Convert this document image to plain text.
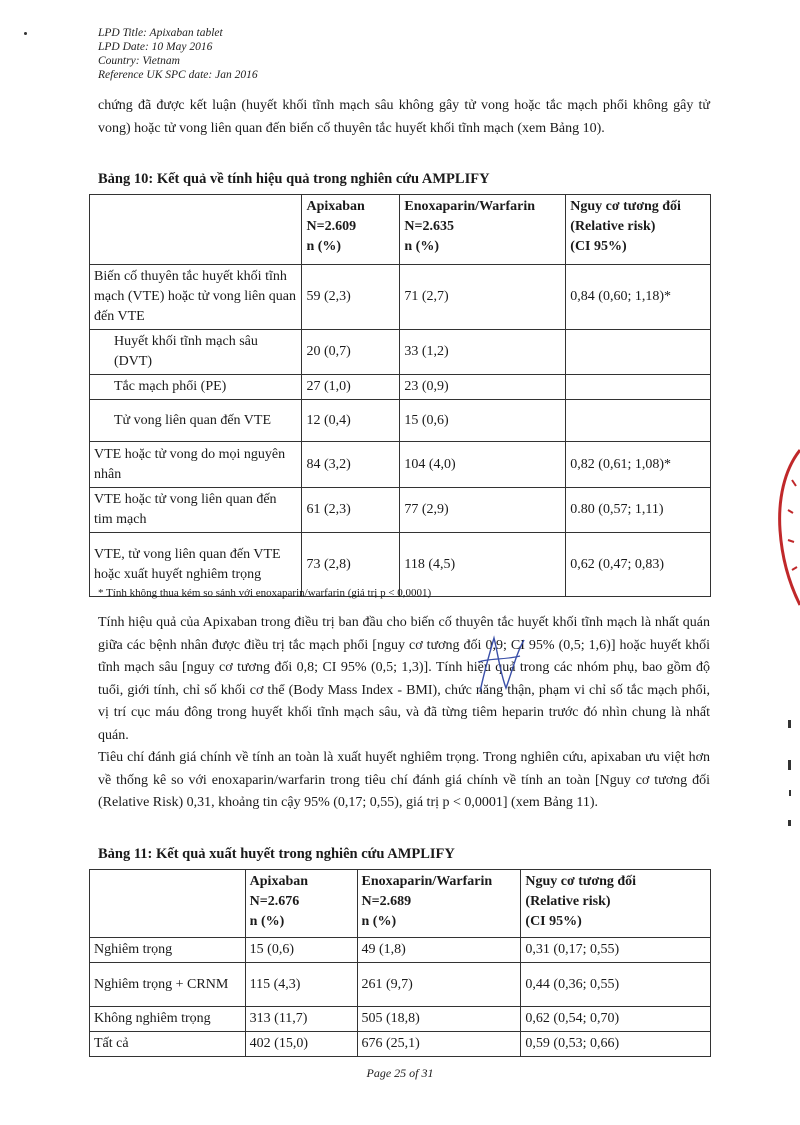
LPD Title: Apixaban tablet
LPD Date: 10 May 2016
Country: Vietnam
Reference UK SPC date: Jan 2016
chứng đã được kết luận (huyết khối tĩnh mạch sâu không gây tử vong hoặc tắc mạch phổi không gây tử vong) hoặc tử vong liên quan đến biến cố thuyên tắc huyết khối tĩnh mạch (xem Bảng 10).
Bảng 10: Kết quả về tính hiệu quả trong nghiên cứu AMPLIFY
	Apixaban
N=2.609
n (%)	Enoxaparin/Warfarin
N=2.635
n (%)	Nguy cơ tương đối
(Relative risk)
(CI 95%)
Biến cố thuyên tắc huyết khối tĩnh mạch (VTE) hoặc tử vong liên quan đến VTE	59 (2,3)	71 (2,7)	0,84 (0,60; 1,18)*
Huyết khối tĩnh mạch sâu (DVT)	20 (0,7)	33 (1,2)	
Tắc mạch phổi (PE)	27 (1,0)	23 (0,9)	
Tử vong liên quan đến VTE	12 (0,4)	15 (0,6)	
VTE hoặc tử vong do mọi nguyên nhân	84 (3,2)	104 (4,0)	0,82 (0,61; 1,08)*
VTE hoặc tử vong liên quan đến tim mạch	61 (2,3)	77 (2,9)	0.80 (0,57; 1,11)
VTE, tử vong liên quan đến VTE hoặc xuất huyết nghiêm trọng	73 (2,8)	118 (4,5)	0,62 (0,47; 0,83)
* Tính không thua kém so sánh với enoxaparin/warfarin (giá trị p < 0,0001)
Tính hiệu quả của Apixaban trong điều trị ban đầu cho biến cố thuyên tắc huyết khối tĩnh mạch là nhất quán giữa các bệnh nhân được điều trị tắc mạch phổi [nguy cơ tương đối 0,9; CI 95% (0,5; 1,6)] hoặc huyết khối tĩnh mạch sâu [nguy cơ tương đối 0,8; CI 95% (0,5; 1,3)]. Tính hiệu quả trong các nhóm phụ, bao gồm độ tuổi, giới tính, chỉ số khối cơ thể (Body Mass Index - BMI), chức năng thận, phạm vi chỉ số tắc mạch phổi, vị trí cục máu đông trong huyết khối tĩnh mạch sâu, và đã từng tiêm heparin trước đó nhìn chung là nhất quán.
Tiêu chí đánh giá chính về tính an toàn là xuất huyết nghiêm trọng. Trong nghiên cứu, apixaban ưu việt hơn về thống kê so với enoxaparin/warfarin trong tiêu chí đánh giá chính về tính an toàn [Nguy cơ tương đối (Relative Risk) 0,31, khoảng tin cậy 95% (0,17; 0,55), giá trị p < 0,0001] (xem Bảng 11).
Bảng 11: Kết quả xuất huyết trong nghiên cứu AMPLIFY
	Apixaban
N=2.676
n (%)	Enoxaparin/Warfarin
N=2.689
n (%)	Nguy cơ tương đối
(Relative risk)
(CI 95%)
Nghiêm trọng	15 (0,6)	49 (1,8)	0,31 (0,17; 0,55)
Nghiêm trọng + CRNM	115 (4,3)	261 (9,7)	0,44 (0,36; 0,55)
Không nghiêm trọng	313 (11,7)	505 (18,8)	0,62 (0,54; 0,70)
Tất cả	402 (15,0)	676 (25,1)	0,59 (0,53; 0,66)
Page 25 of 31
